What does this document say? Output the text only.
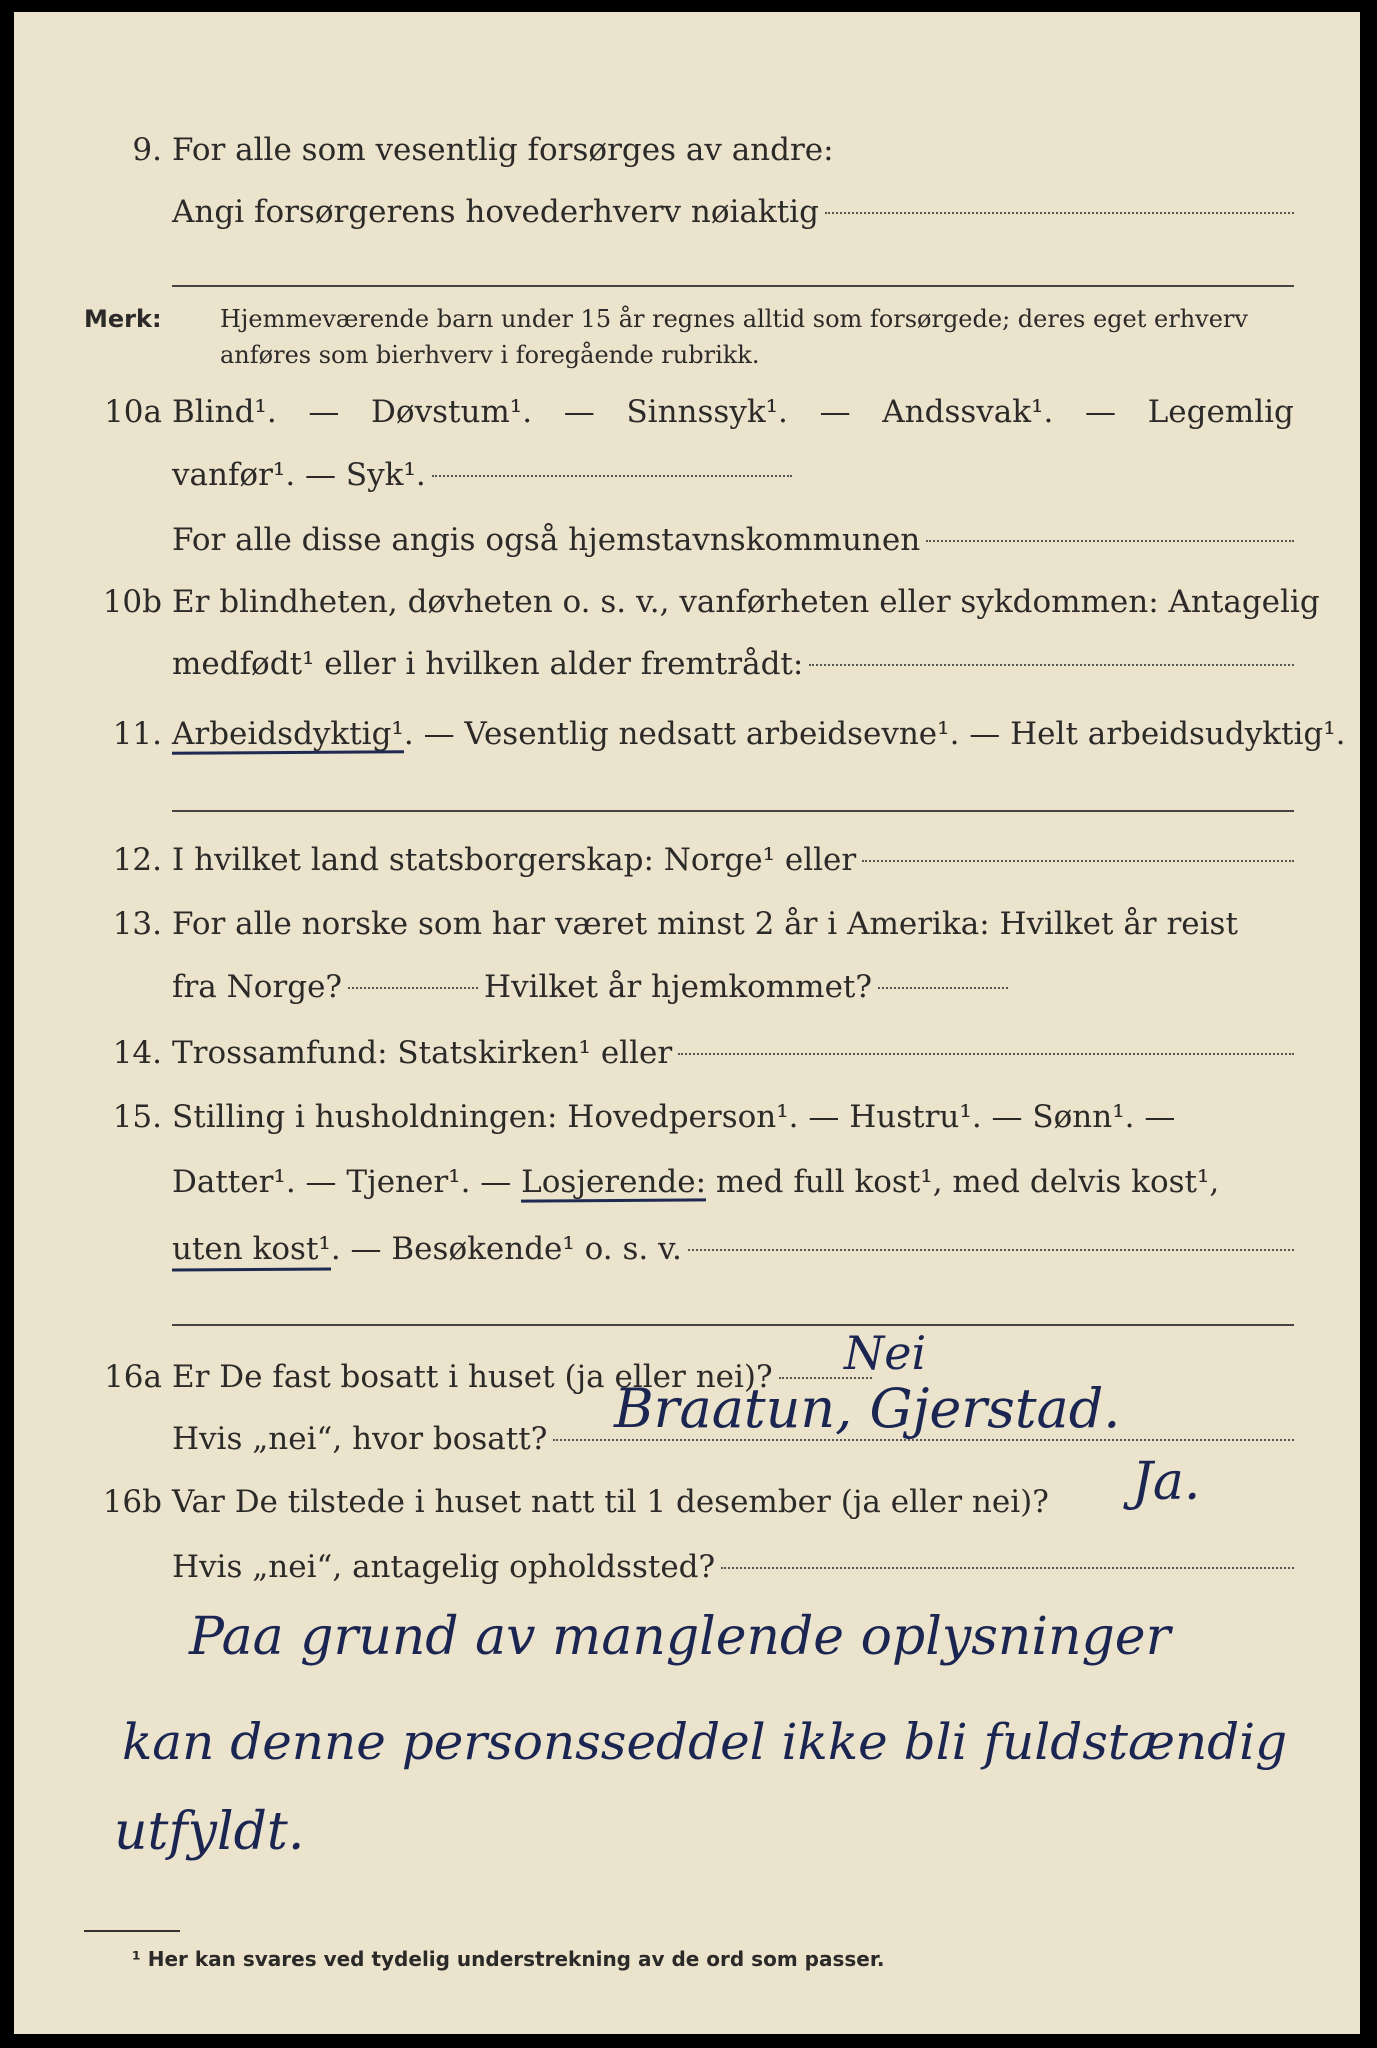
9. For alle som vesentlig forsørges av andre:
Angi forsørgerens hovederhverv nøiaktig
Merk: Hjemmeværende barn under 15 år regnes alltid som forsørgede; deres eget erhverv
anføres som bierhverv i foregående rubrikk.
10a Blind¹. — Døvstum¹. — Sinnssyk¹. — Andssvak¹. — Legemlig
vanfør¹. — Syk¹.
For alle disse angis også hjemstavnskommunen
10b Er blindheten, døvheten o. s. v., vanførheten eller sykdommen: Antagelig
medfødt¹ eller i hvilken alder fremtrådt:
11. Arbeidsdyktig¹. — Vesentlig nedsatt arbeidsevne¹. — Helt arbeidsudyktig¹.
12. I hvilket land statsborgerskap: Norge¹ eller
13. For alle norske som har været minst 2 år i Amerika: Hvilket år reist
fra Norge?	Hvilket år hjemkommet?
14. Trossamfund: Statskirken¹ eller
15. Stilling i husholdningen: Hovedperson¹. — Hustru¹. — Sønn¹. —
Datter¹. — Tjener¹. — Losjerende: med full kost¹, med delvis kost¹,
uten kost¹ . — Besøkende¹ o. s. v.
16a Er De fast bosatt i huset (ja eller nei)? Nei
Hvis „nei“, hvor bosatt? Braatun, Gjerstad.
16b Var De tilstede i huset natt til 1 desember (ja eller nei)? Ja.
Hvis „nei“, antagelig opholdssted?
Paa grund av manglende oplysninger
kan denne personsseddel ikke bli fuldstændig
utfyldt.
¹ Her kan svares ved tydelig understrekning av de ord som passer.
